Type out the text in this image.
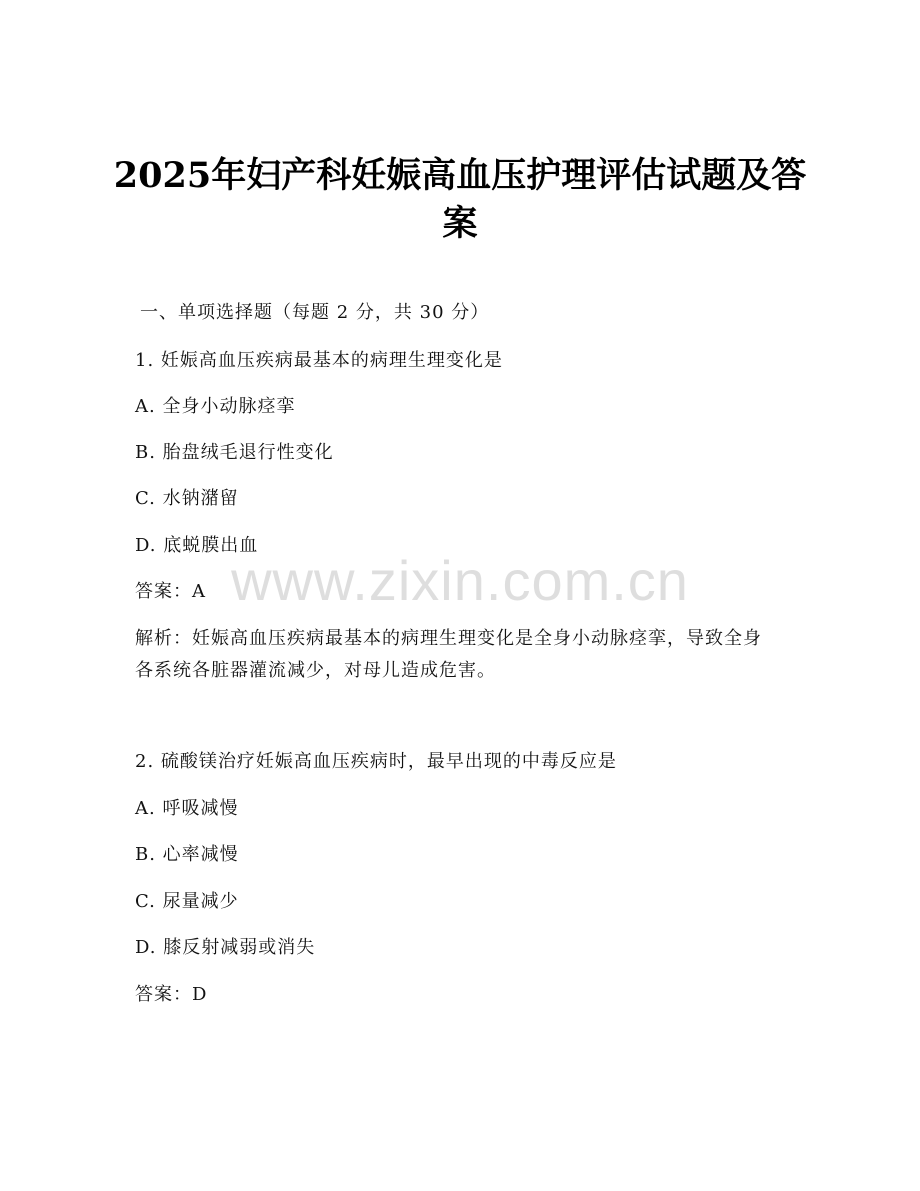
2025年妇产科妊娠高血压护理评估试题及答
案
一、单项选择题（每题 2 分，共 30 分）
1. 妊娠高血压疾病最基本的病理生理变化是
A. 全身小动脉痉挛
B. 胎盘绒毛退行性变化
C. 水钠潴留
D. 底蜕膜出血
答案：A
解析：妊娠高血压疾病最基本的病理生理变化是全身小动脉痉挛，导致全身各系统各脏器灌流减少，对母儿造成危害。
2. 硫酸镁治疗妊娠高血压疾病时，最早出现的中毒反应是
A. 呼吸减慢
B. 心率减慢
C. 尿量减少
D. 膝反射减弱或消失
答案：D
www.zixin.com.cn
